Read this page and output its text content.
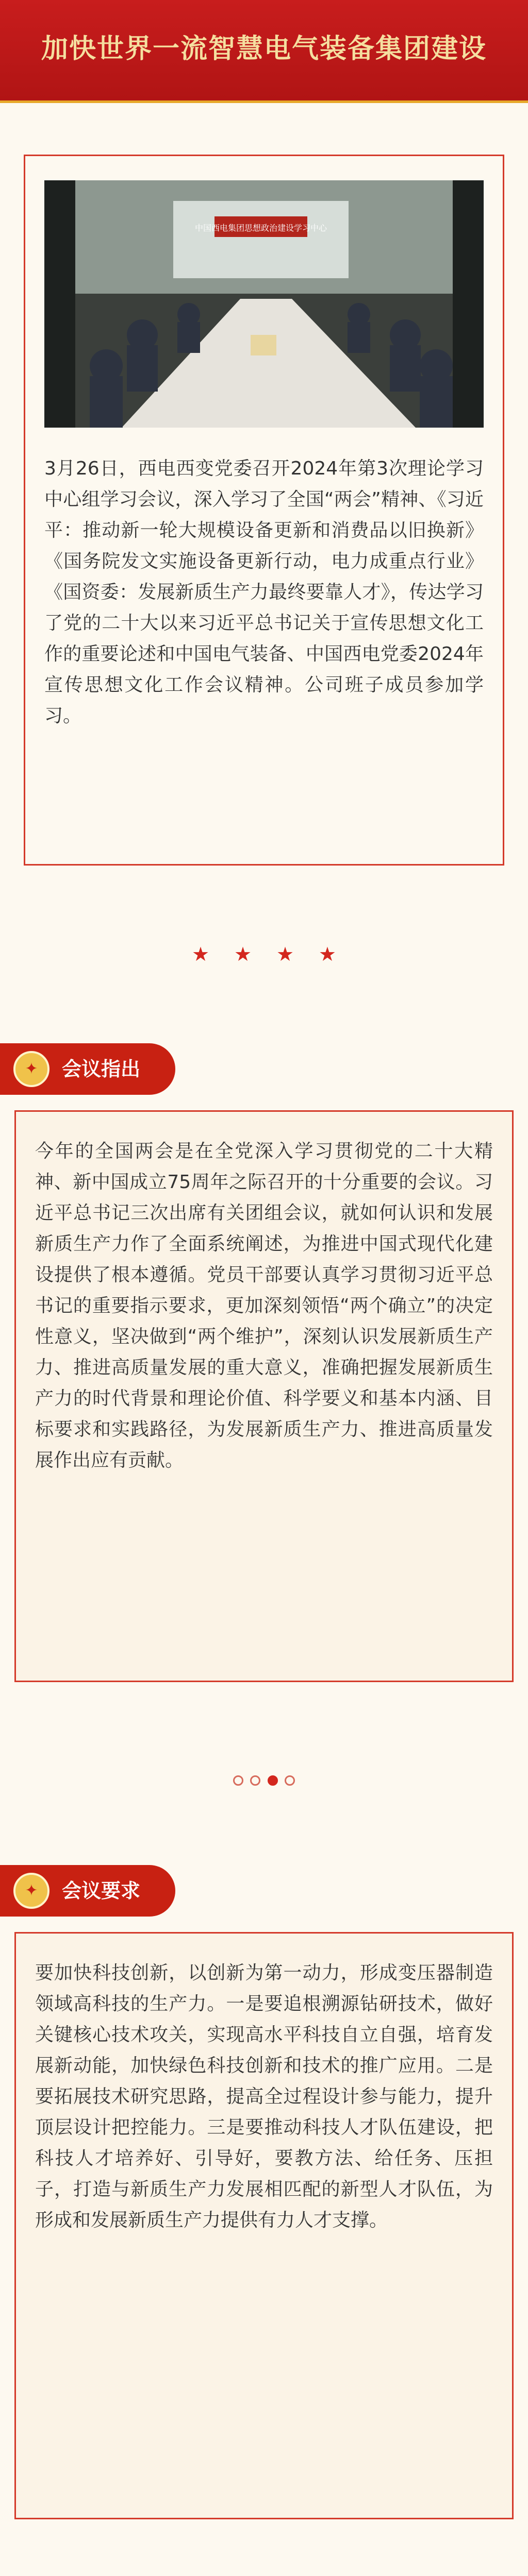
加快世界一流智慧电气装备集团建设
中国西电集团思想政治建设学习中心
3月26日，西电西变党委召开2024年第3次理论学习中心组学习会议，深入学习了全国“两会”精神、《习近平：推动新一轮大规模设备更新和消费品以旧换新》《国务院发文实施设备更新行动，电力成重点行业》《国资委：发展新质生产力最终要靠人才》，传达学习了党的二十大以来习近平总书记关于宣传思想文化工作的重要论述和中国电气装备、中国西电党委2024年宣传思想文化工作会议精神。公司班子成员参加学习。
★ ★ ★ ★
会议指出
✦
今年的全国两会是在全党深入学习贯彻党的二十大精神、新中国成立75周年之际召开的十分重要的会议。习近平总书记三次出席有关团组会议，就如何认识和发展新质生产力作了全面系统阐述，为推进中国式现代化建设提供了根本遵循。党员干部要认真学习贯彻习近平总书记的重要指示要求，更加深刻领悟“两个确立”的决定性意义，坚决做到“两个维护”，深刻认识发展新质生产力、推进高质量发展的重大意义，准确把握发展新质生产力的时代背景和理论价值、科学要义和基本内涵、目标要求和实践路径，为发展新质生产力、推进高质量发展作出应有贡献。
会议要求
✦
要加快科技创新，以创新为第一动力，形成变压器制造领域高科技的生产力。一是要追根溯源钻研技术，做好关键核心技术攻关，实现高水平科技自立自强，培育发展新动能，加快绿色科技创新和技术的推广应用。二是要拓展技术研究思路，提高全过程设计参与能力，提升顶层设计把控能力。三是要推动科技人才队伍建设，把科技人才培养好、引导好，要教方法、给任务、压担子，打造与新质生产力发展相匹配的新型人才队伍，为形成和发展新质生产力提供有力人才支撑。
